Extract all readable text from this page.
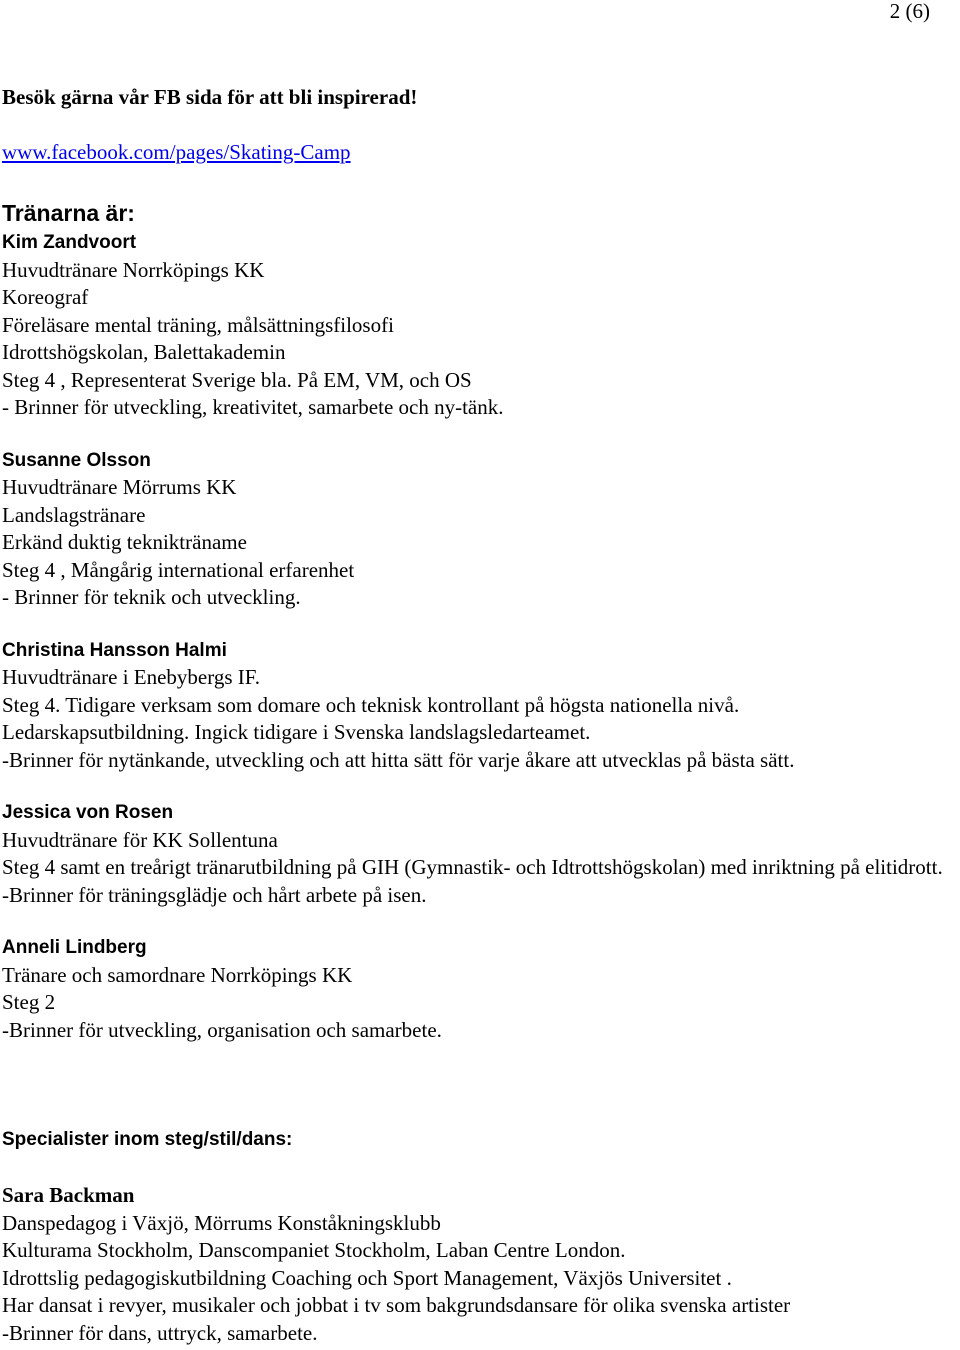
2 (6)

Besök gärna vår FB sida för att bli inspirerad!

www.facebook.com/pages/Skating-Camp
Tränarna är:
Kim Zandvoort
Huvudtränare Norrköpings KK
Koreograf
Föreläsare mental träning, målsättningsfilosofi
Idrottshögskolan, Balettakademin
Steg 4 , Representerat Sverige bla. På EM, VM, och OS
- Brinner för utveckling, kreativitet, samarbete och ny-tänk.
Susanne Olsson
Huvudtränare Mörrums KK
Landslagstränare
Erkänd duktig teknikträname
Steg 4 , Mångårig international erfarenhet
- Brinner för teknik och utveckling.
Christina Hansson Halmi
Huvudtränare i Enebybergs IF.
Steg 4. Tidigare verksam som domare och teknisk kontrollant på högsta nationella nivå.
Ledarskapsutbildning. Ingick tidigare i Svenska landslagsledarteamet.
-Brinner för nytänkande, utveckling och att hitta sätt för varje åkare att utvecklas på bästa sätt.
Jessica von Rosen
Huvudtränare för KK Sollentuna
Steg 4 samt en treårigt tränarutbildning på GIH (Gymnastik- och Idtrottshögskolan) med inriktning på elitidrott.
-Brinner för träningsglädje och hårt arbete på isen.
Anneli Lindberg
Tränare och samordnare Norrköpings KK
Steg 2
-Brinner för utveckling, organisation och samarbete.
Specialister inom steg/stil/dans:
Sara Backman
Danspedagog i Växjö, Mörrums Konståkningsklubb
Kulturama Stockholm, Danscompaniet Stockholm, Laban Centre London.
Idrottslig pedagogiskutbildning Coaching och Sport Management, Växjös Universitet .
Har dansat i revyer, musikaler och jobbat i tv som bakgrundsdansare för olika svenska artister
-Brinner för dans, uttryck, samarbete.
